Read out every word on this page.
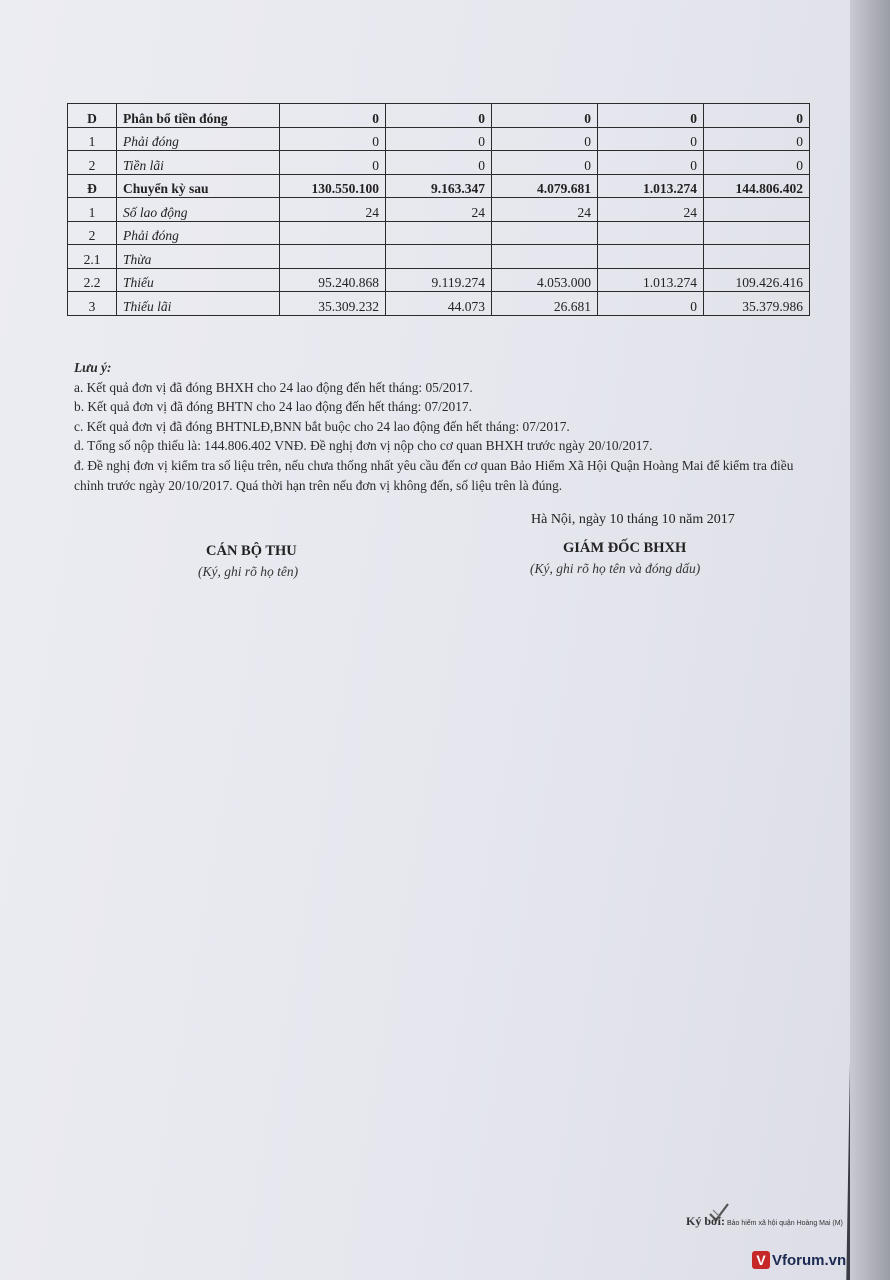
D	Phân bổ tiền đóng	0	0	0	0	0
1	Phải đóng	0	0	0	0	0
2	Tiền lãi	0	0	0	0	0
Đ	Chuyển kỳ sau	130.550.100	9.163.347	4.079.681	1.013.274	144.806.402
1	Số lao động	24	24	24	24	
2	Phải đóng					
2.1	Thừa					
2.2	Thiếu	95.240.868	9.119.274	4.053.000	1.013.274	109.426.416
3	Thiếu lãi	35.309.232	44.073	26.681	0	35.379.986
Lưu ý:
a. Kết quả đơn vị đã đóng BHXH cho 24 lao động đến hết tháng: 05/2017.
b. Kết quả đơn vị đã đóng BHTN cho 24 lao động đến hết tháng: 07/2017.
c. Kết quả đơn vị đã đóng BHTNLĐ,BNN bắt buộc cho 24 lao động đến hết tháng: 07/2017.
d. Tổng số nộp thiếu là: 144.806.402 VNĐ. Đề nghị đơn vị nộp cho cơ quan BHXH trước ngày 20/10/2017.
đ. Đề nghị đơn vị kiểm tra số liệu trên, nếu chưa thống nhất yêu cầu đến cơ quan Bảo Hiểm Xã Hội Quận Hoàng Mai để kiểm tra điều chỉnh trước ngày 20/10/2017. Quá thời hạn trên nếu đơn vị không đến, số liệu trên là đúng.
Hà Nội, ngày 10 tháng 10 năm 2017
CÁN BỘ THU
(Ký, ghi rõ họ tên)
GIÁM ĐỐC BHXH
(Ký, ghi rõ họ tên và đóng dấu)
Ký bởi: Bảo hiểm xã hội quận Hoàng Mai (M)
V Vforum.vn
